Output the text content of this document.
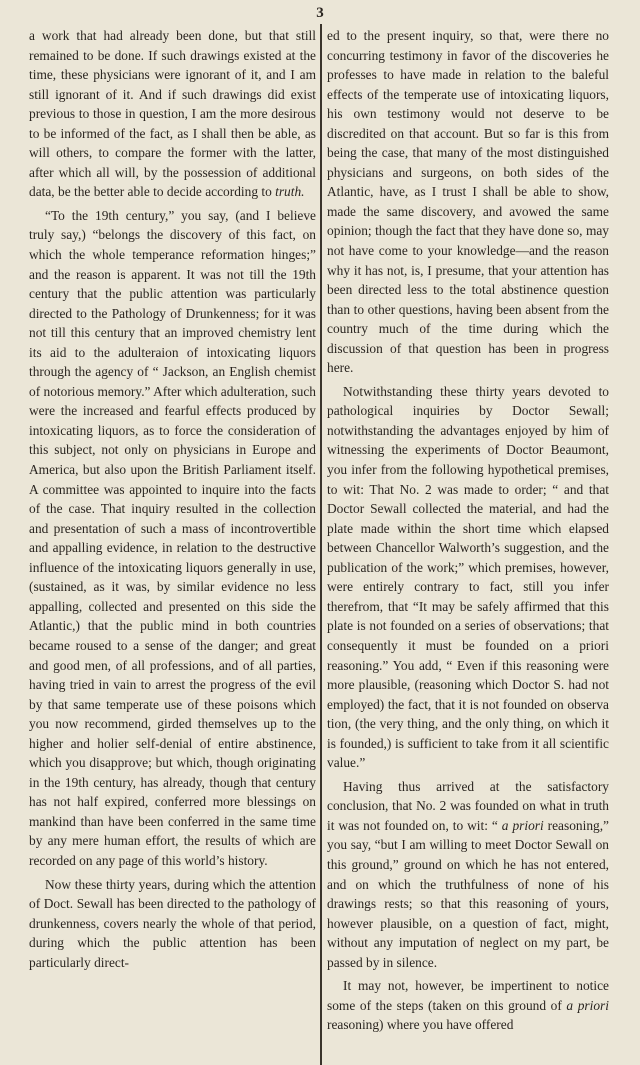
3

a work that had already been done, but that still remained to be done. If such drawings existed at the time, these physicians were ignorant of it, and I am still ignorant of it. And if such drawings did exist previous to those in question, I am the more desirous to be informed of the fact, as I shall then be able, as will others, to compare the former with the latter, after which all will, by the possession of additional data, be the better able to decide according to truth.

“To the 19th century,” you say, (and I believe truly say,) “belongs the discovery of this fact, on which the whole temperance reformation hinges;” and the reason is apparent. It was not till the 19th century that the public attention was particularly directed to the Pathology of Drunkenness; for it was not till this century that an improved chemistry lent its aid to the adulteraion of intoxicating liquors through the agency of “ Jackson, an English chemist of notorious memory.” After which adulteration, such were the increased and fearful effects produced by intoxicating liquors, as to force the consideration of this subject, not only on physicians in Europe and America, but also upon the British Parliament itself. A committee was appointed to inquire into the facts of the case. That inquiry resulted in the collection and presentation of such a mass of incontrovertible and appalling evidence, in relation to the destructive influence of the intoxicating liquors generally in use, (sustained, as it was, by similar evidence no less appalling, collected and presented on this side the Atlantic,) that the public mind in both countries became roused to a sense of the danger; and great and good men, of all professions, and of all parties, having tried in vain to arrest the progress of the evil by that same temperate use of these poisons which you now recommend, girded themselves up to the higher and holier self-denial of entire abstinence, which you disapprove; but which, though originating in the 19th century, has already, though that century has not half expired, conferred more blessings on mankind than have been conferred in the same time by any mere human effort, the results of which are recorded on any page of this world’s history.

Now these thirty years, during which the attention of Doct. Sewall has been directed to the pathology of drunkenness, covers nearly the whole of that period, during which the public attention has been particularly direct-

ed to the present inquiry, so that, were there no concurring testimony in favor of the discoveries he professes to have made in relation to the baleful effects of the temperate use of intoxicating liquors, his own testimony would not deserve to be discredited on that account. But so far is this from being the case, that many of the most distinguished physicians and surgeons, on both sides of the Atlantic, have, as I trust I shall be able to show, made the same discovery, and avowed the same opinion; though the fact that they have done so, may not have come to your knowledge—and the reason why it has not, is, I presume, that your attention has been directed less to the total abstinence question than to other questions, having been absent from the country much of the time during which the discussion of that question has been in progress here.

Notwithstanding these thirty years devoted to pathological inquiries by Doctor Sewall; notwithstanding the advantages enjoyed by him of witnessing the experiments of Doctor Beaumont, you infer from the following hypothetical premises, to wit: That No. 2 was made to order; “ and that Doctor Sewall collected the material, and had the plate made within the short time which elapsed between Chancellor Walworth’s suggestion, and the publication of the work;” which premises, however, were entirely contrary to fact, still you infer therefrom, that “It may be safely affirmed that this plate is not founded on a series of observations; that consequently it must be founded on a priori reasoning.” You add, “ Even if this reasoning were more plausible, (reasoning which Doctor S. had not employed) the fact, that it is not founded on observa tion, (the very thing, and the only thing, on which it is founded,) is sufficient to take from it all scientific value.”

Having thus arrived at the satisfactory conclusion, that No. 2 was founded on what in truth it was not founded on, to wit: “ a priori reasoning,” you say, “but I am willing to meet Doctor Sewall on this ground,” ground on which he has not entered, and on which the truthfulness of none of his drawings rests; so that this reasoning of yours, however plausible, on a question of fact, might, without any imputation of neglect on my part, be passed by in silence.

It may not, however, be impertinent to notice some of the steps (taken on this ground of a priori reasoning) where you have offered
